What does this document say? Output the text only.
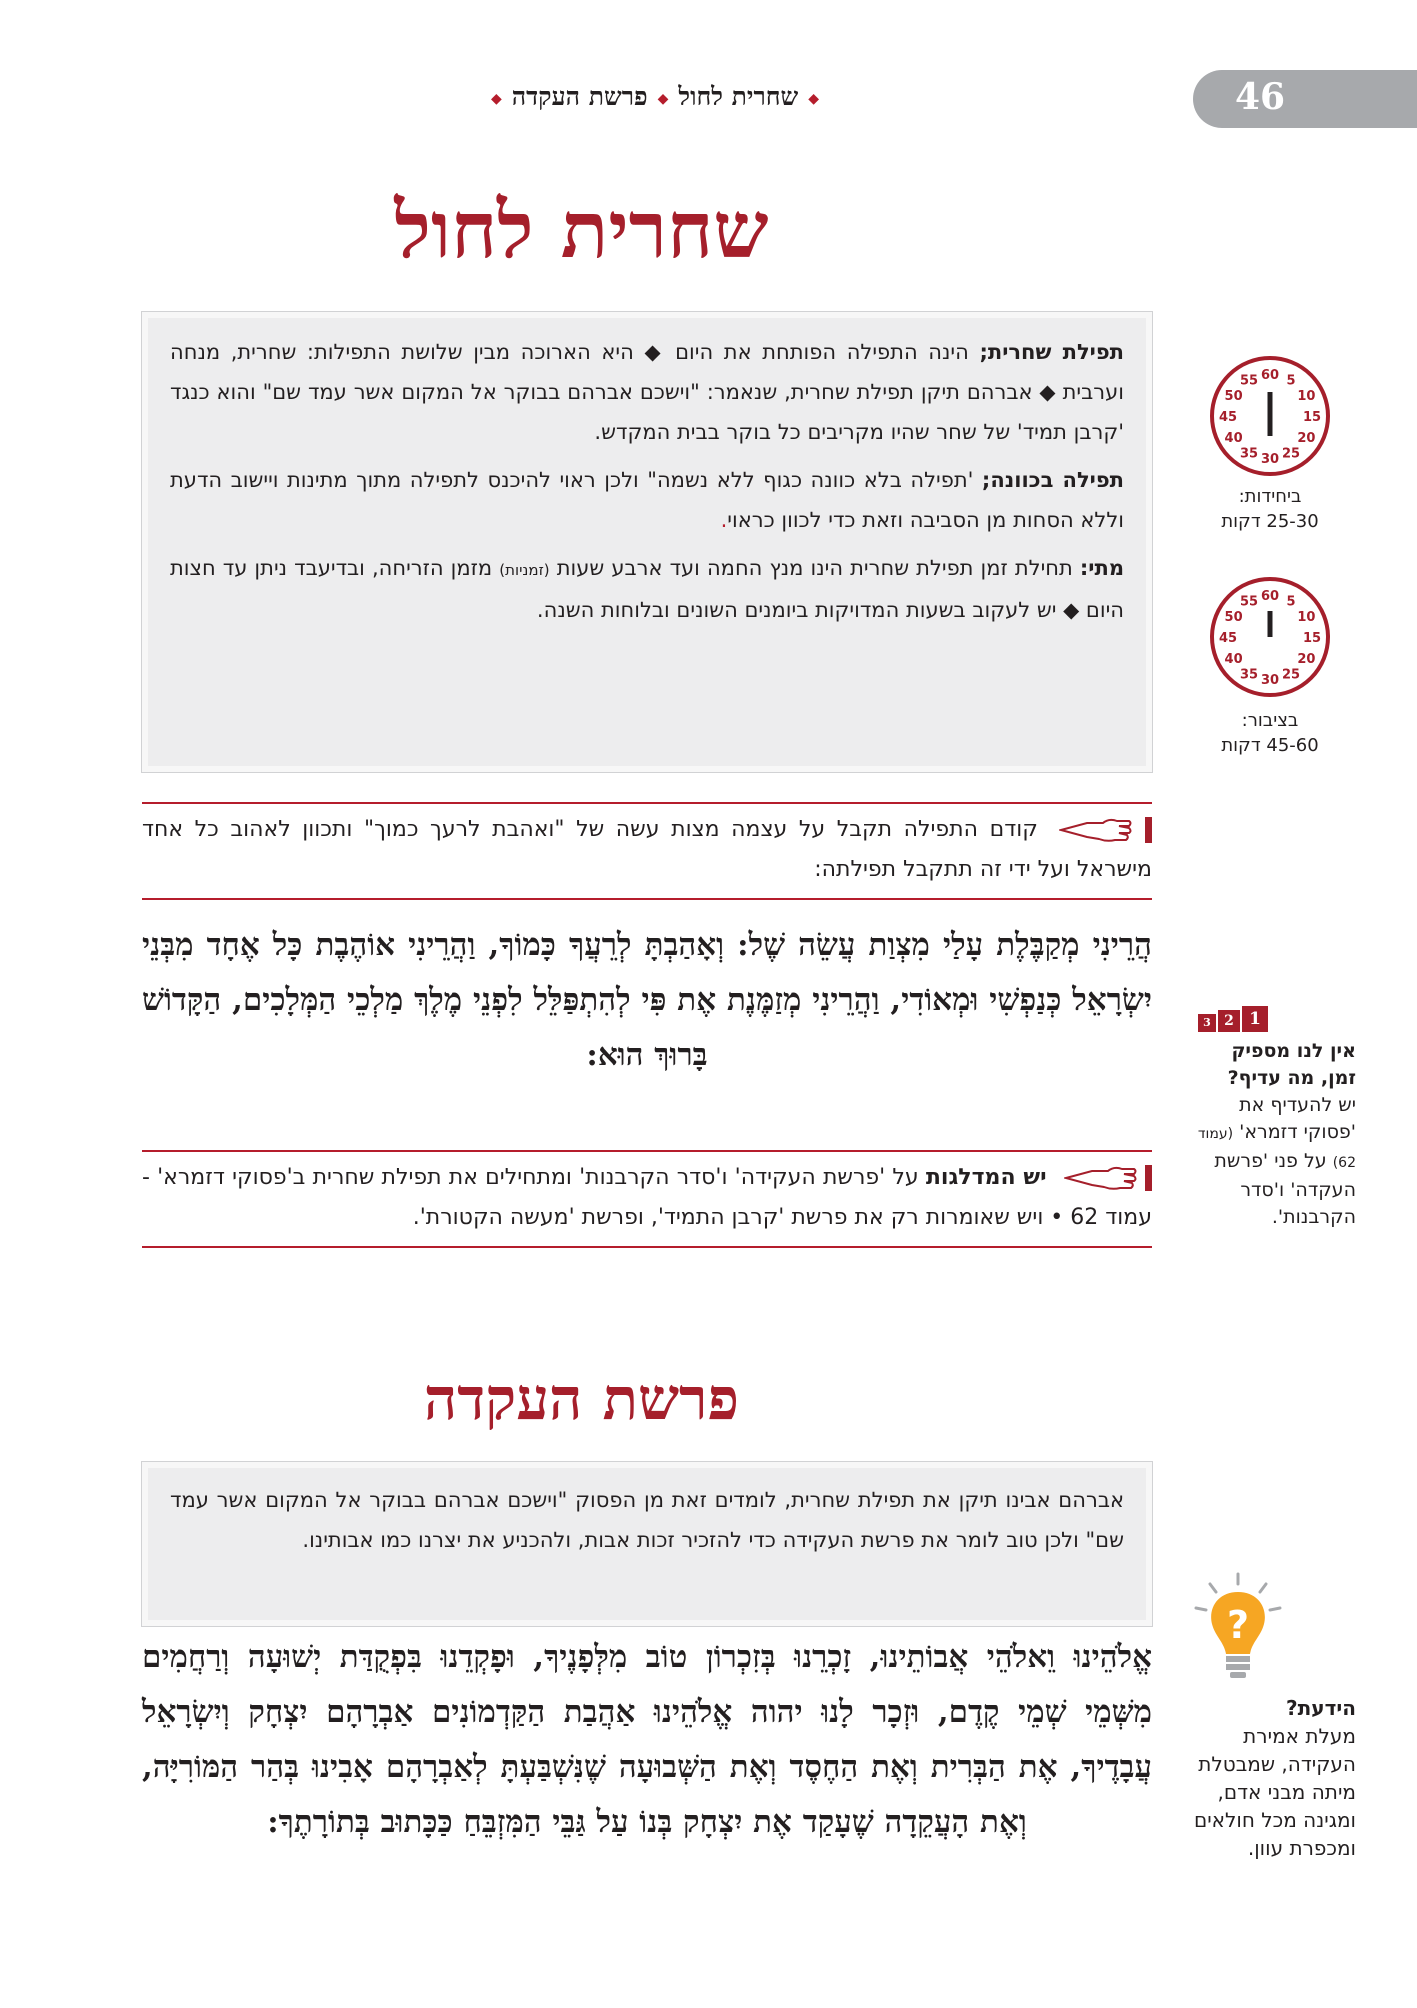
46
◆שחרית לחול◆פרשת העקדה◆
שחרית לחול

תפילת שחרית; הינה התפילה הפותחת את היום ◆ היא הארוכה מבין שלושת התפילות: שחרית, מנחה וערבית ◆ אברהם תיקן תפילת שחרית, שנאמר: "וישכם אברהם בבוקר אל המקום אשר עמד שם" והוא כנגד 'קרבן תמיד' של שחר שהיו מקריבים כל בוקר בבית המקדש.

תפילה בכוונה; 'תפילה בלא כוונה כגוף ללא נשמה" ולכן ראוי להיכנס לתפילה מתוך מתינות ויישוב הדעת וללא הסחות מן הסביבה וזאת כדי לכוון כראוי.

מתי: תחילת זמן תפילת שחרית הינו מנץ החמה ועד ארבע שעות (זמניות) מזמן הזריחה, ובדיעבד ניתן עד חצות היום ◆ יש לעקוב בשעות המדויקות ביומנים השונים ובלוחות השנה.

קודם התפילה תקבל על עצמה מצות עשה של "ואהבת לרעך כמוך" ותכוון לאהוב כל אחד מישראל ועל ידי זה תתקבל תפילתה:
הֲרֵינִי מְקַבֶּלֶת עָלַי מִצְוַת עֲשֵׂה שֶׁל: וְאָהַבְתָּ לְרֵעֲךָ כָּמוֹךָ, וַהֲרֵינִי אוֹהֶבֶת כָּל אֶחָד מִבְּנֵי יִשְׂרָאֵל כְּנַפְשִׁי וּמְאוֹדִי, וַהֲרֵינִי מְזַמֶּנֶת אֶת פִּי לְהִתְפַּלֵּל לִפְנֵי מֶלֶךְ מַלְכֵי הַמְּלָכִים, הַקָּדוֹשׁ בָּרוּךְ הוּא:
יש המדלגות על 'פרשת העקידה' ו'סדר הקרבנות' ומתחילים את תפילת שחרית ב'פסוקי דזמרא' - עמוד 62 • ויש שאומרות רק את פרשת 'קרבן התמיד', ופרשת 'מעשה הקטורת'.
פרשת העקדה

אברהם אבינו תיקן את תפילת שחרית, לומדים זאת מן הפסוק "וישכם אברהם בבוקר אל המקום אשר עמד שם" ולכן טוב לומר את פרשת העקידה כדי להזכיר זכות אבות, ולהכניע את יצרנו כמו אבותינו.

אֱלֹהֵינוּ וֵאלֹהֵי אֲבוֹתֵינוּ, זָכְרֵנוּ בְּזִכְרוֹן טוֹב מִלְּפָנֶיךָ, וּפָקְדֵנוּ בִּפְקֻדַּת יְשׁוּעָה וְרַחֲמִים מִשְּׁמֵי שְׁמֵי קֶדֶם, וּזְכָר לָנוּ יהוה אֱלֹהֵינוּ אַהֲבַת הַקַּדְמוֹנִים אַבְרָהָם יִצְחָק וְיִשְׂרָאֵל עֲבָדֶיךָ, אֶת הַבְּרִית וְאֶת הַחֶסֶד וְאֶת הַשְּׁבוּעָה שֶׁנִּשְׁבַּעְתָּ לְאַבְרָהָם אָבִינוּ בְּהַר הַמּוֹרִיָּה, וְאֶת הָעֲקֵדָה שֶׁעָקַד אֶת יִצְחָק בְּנוֹ עַל גַּבֵּי הַמִּזְבֵּחַ כַּכָּתוּב בְּתוֹרָתֶךָ:
60 5
10
15
20
25
30
35
40
45
50
55
ביחידות:
25-30 דקות
60 5
10
15
20
25
30
35
40
45
50
55
בציבור:
45-60 דקות
1
2
3
אין לנו מספיק
זמן, מה עדיף?
יש להעדיף את 'פסוקי דזמרא' (עמוד 62) על פני 'פרשת העקדה' ו'סדר הקרבנות'.
?
הידעת?
מעלת אמירת העקידה, שמבטלת מיתה מבני אדם, ומגינה מכל חולאים ומכפרת עוון.
